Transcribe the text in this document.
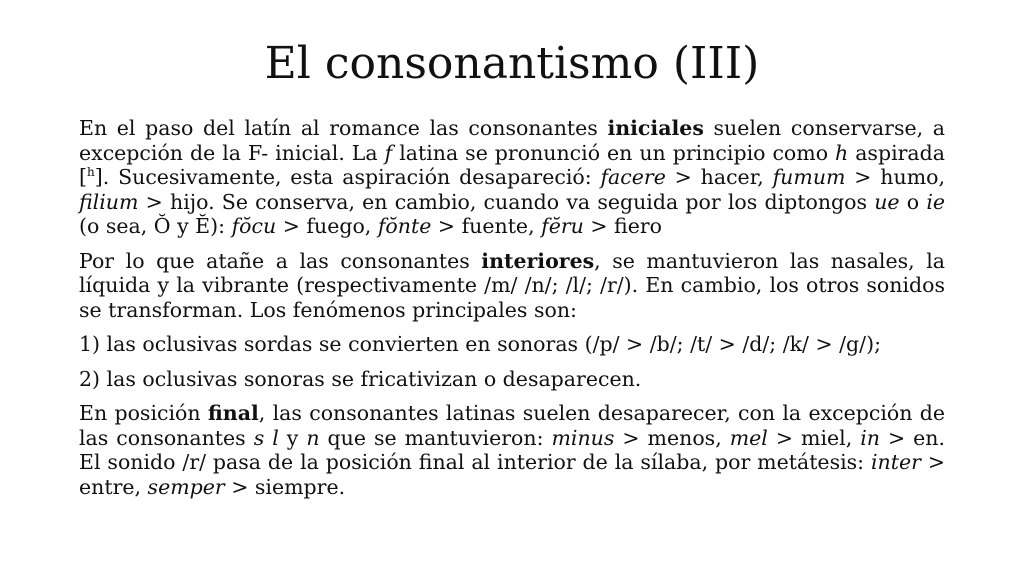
El consonantismo (III)

En el paso del latín al romance las consonantes iniciales suelen conservarse, a excepción de la F- inicial. La f latina se pronunció en un principio como h aspirada [$^h$]. Sucesivamente, esta aspiración desapareció: facere > hacer, fumum > humo, filium > hijo. Se conserva, en cambio, cuando va seguida por los diptongos ue o ie (o sea, Ŏ y Ĕ): fŏcu > fuego, fŏnte > fuente, fĕru > fiero

Por lo que atañe a las consonantes interiores, se mantuvieron las nasales, la líquida y la vibrante (respectivamente /m/ /n/; /l/; /r/). En cambio, los otros sonidos se transforman. Los fenómenos principales son:

1) las oclusivas sordas se convierten en sonoras (/p/ > /b/; /t/ > /d/; /k/ > /g/);

2) las oclusivas sonoras se fricativizan o desaparecen.

En posición final, las consonantes latinas suelen desaparecer, con la excepción de las consonantes s l y n que se mantuvieron: minus > menos, mel > miel, in > en. El sonido /r/ pasa de la posición final al interior de la sílaba, por metátesis: inter > entre, semper > siempre.
